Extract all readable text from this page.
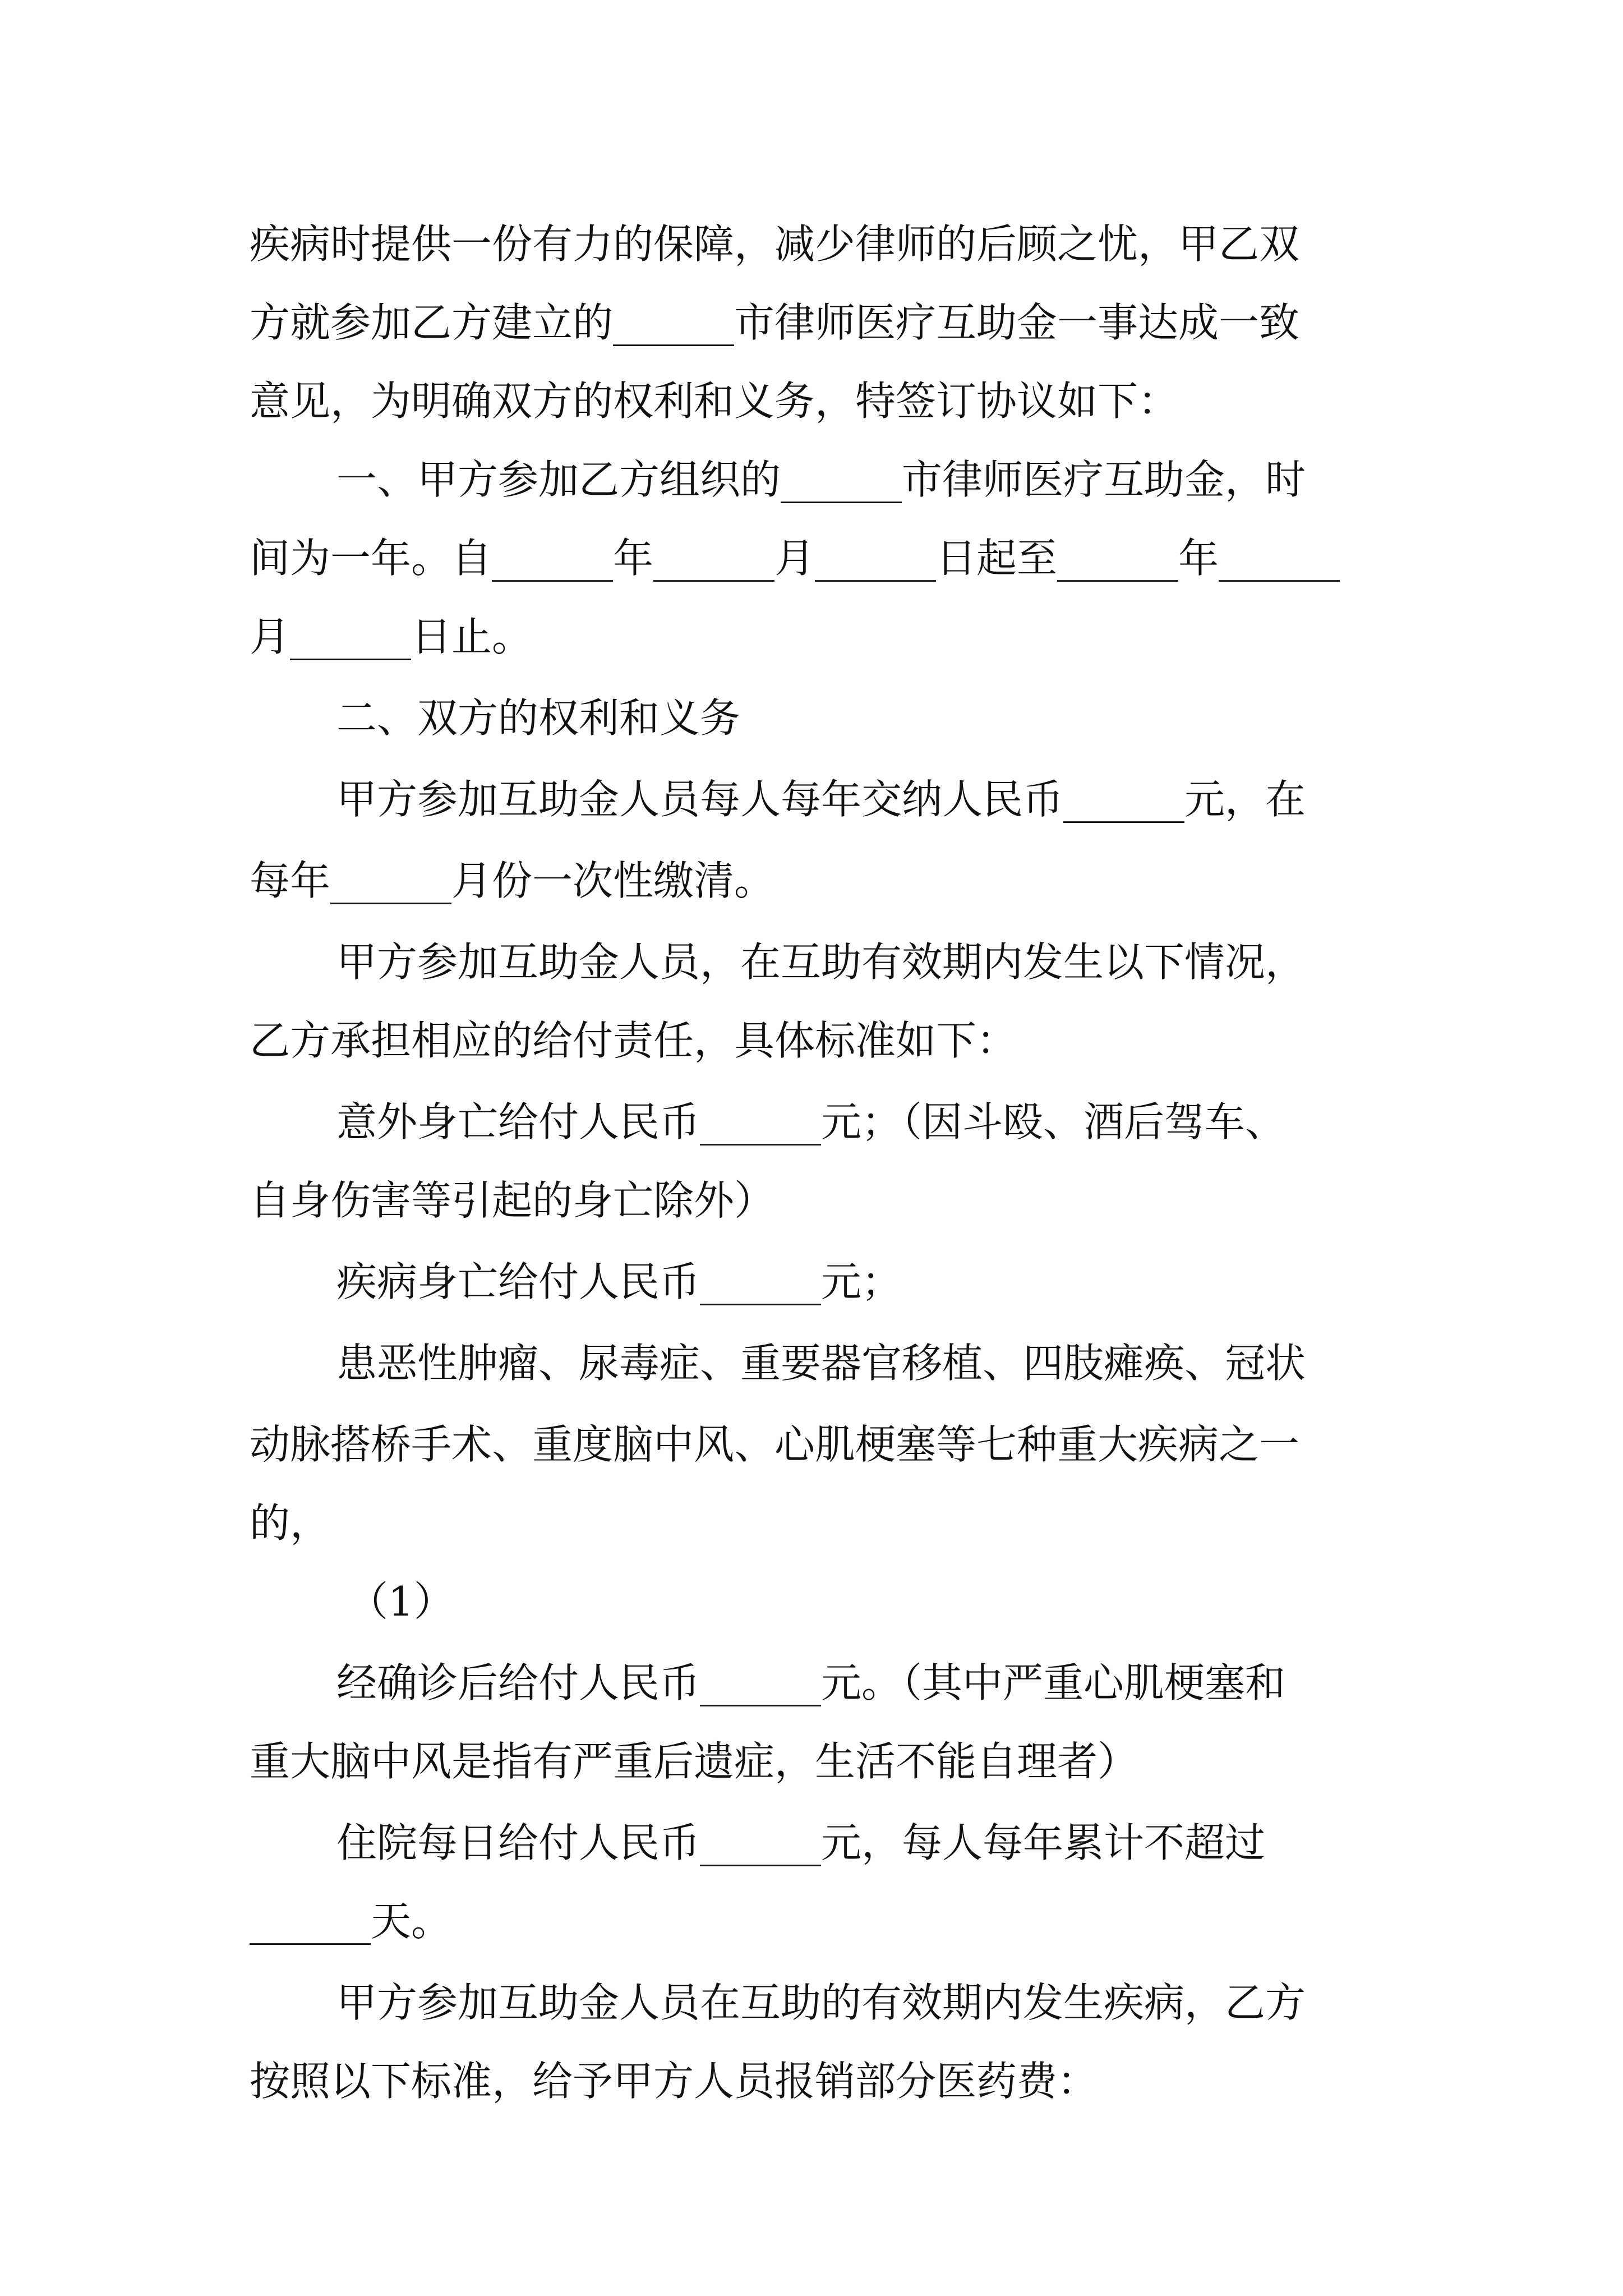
疾病时提供一份有力的保障，减少律师的后顾之忧，甲乙双
方就参加乙方建立的______市律师医疗互助金一事达成一致
意见，为明确双方的权利和义务，特签订协议如下：
一、甲方参加乙方组织的______市律师医疗互助金，时
间为一年。自______年______月______日起至______年______
月______日止。
二、双方的权利和义务
甲方参加互助金人员每人每年交纳人民币______元，在
每年______月份一次性缴清。
甲方参加互助金人员，在互助有效期内发生以下情况，
乙方承担相应的给付责任，具体标准如下：
意外身亡给付人民币______元；（因斗殴、酒后驾车、
自身伤害等引起的身亡除外）
疾病身亡给付人民币______元；
患恶性肿瘤、尿毒症、重要器官移植、四肢瘫痪、冠状
动脉搭桥手术、重度脑中风、心肌梗塞等七种重大疾病之一
的，
（1）
经确诊后给付人民币______元。（其中严重心肌梗塞和
重大脑中风是指有严重后遗症，生活不能自理者）
住院每日给付人民币______元，每人每年累计不超过
______天。
甲方参加互助金人员在互助的有效期内发生疾病，乙方
按照以下标准，给予甲方人员报销部分医药费：
